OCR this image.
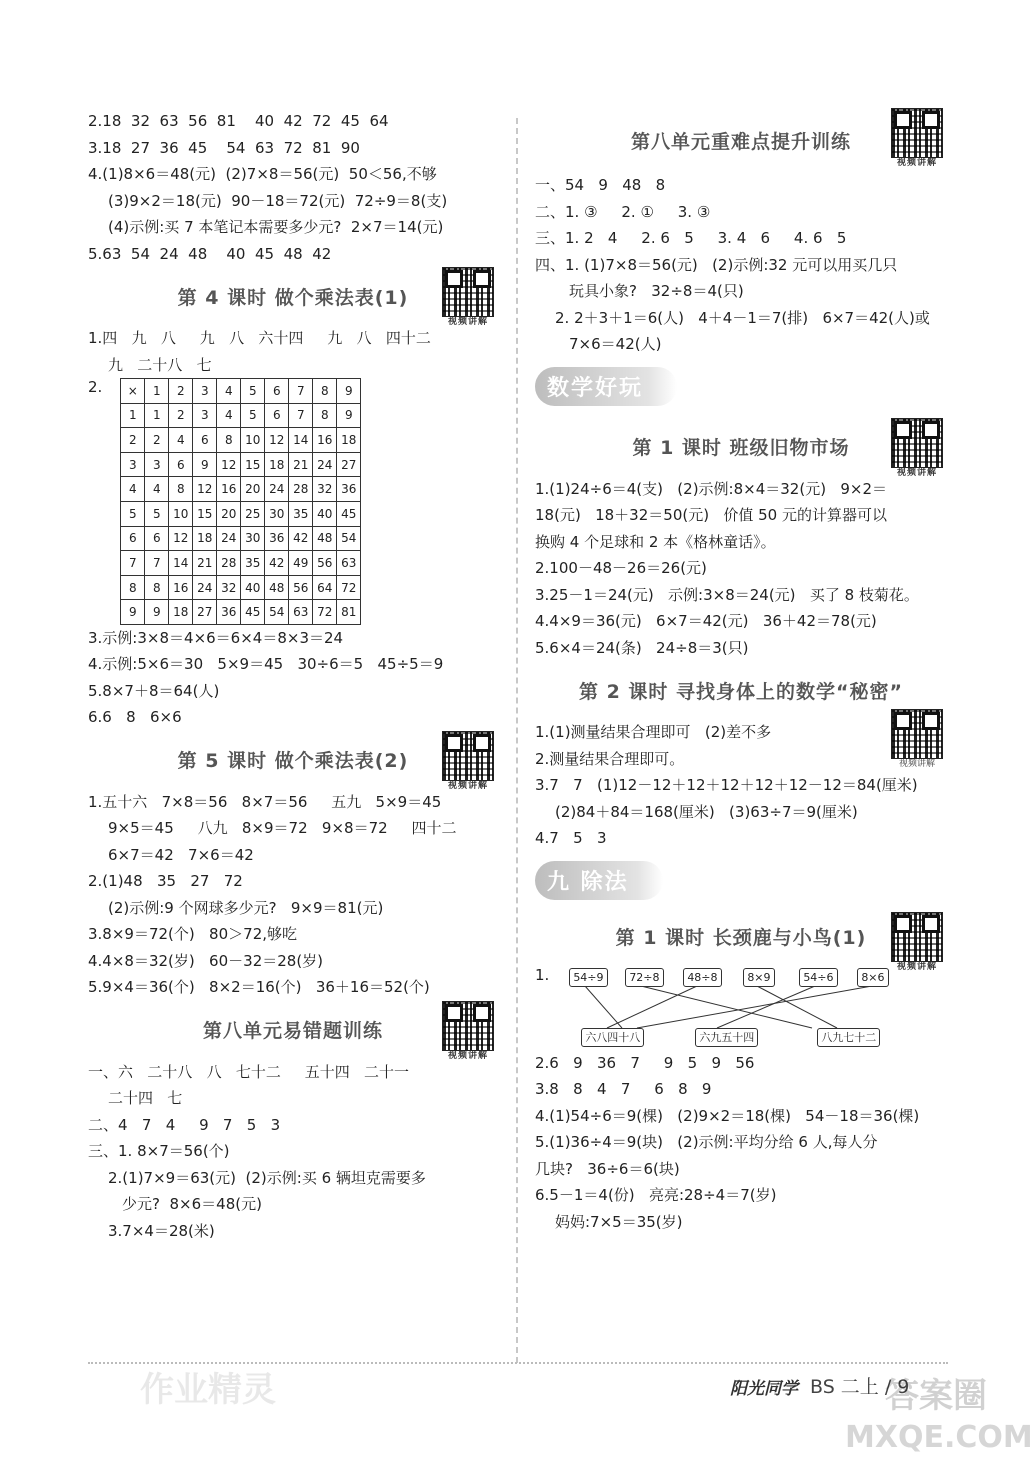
2.18  32  63  56  81    40  42  72  45  64
3.18  27  36  45    54  63  72  81  90
4.(1)8×6＝48(元)  (2)7×8＝56(元)  50＜56,不够
(3)9×2＝18(元)  90－18＝72(元)  72÷9＝8(支)
(4)示例:买 7 本笔记本需要多少元?  2×7＝14(元)
5.63  54  24  48    40  45  48  42
第 4 课时 做个乘法表(1)
视频讲解
1.四   九   八     九   八   六十四     九   八   四十二
九   二十八   七
2. ×	1	2	3	4	5	6	7	8	9
1	1	2	3	4	5	6	7	8	9
2	2	4	6	8	10	12	14	16	18
3	3	6	9	12	15	18	21	24	27
4	4	8	12	16	20	24	28	32	36
5	5	10	15	20	25	30	35	40	45
6	6	12	18	24	30	36	42	48	54
7	7	14	21	28	35	42	49	56	63
8	8	16	24	32	40	48	56	64	72
9	9	18	27	36	45	54	63	72	81
3.示例:3×8＝4×6＝6×4＝8×3＝24
4.示例:5×6＝30   5×9＝45   30÷6＝5   45÷5＝9
5.8×7＋8＝64(人)
6.6   8   6×6
第 5 课时 做个乘法表(2)
视频讲解
1.五十六   7×8＝56   8×7＝56     五九   5×9＝45
9×5＝45     八九   8×9＝72   9×8＝72     四十二
6×7＝42   7×6＝42
2.(1)48   35   27   72
(2)示例:9 个网球多少元?   9×9＝81(元)
3.8×9＝72(个)   80＞72,够吃
4.4×8＝32(岁)   60－32＝28(岁)
5.9×4＝36(个)   8×2＝16(个)   36＋16＝52(个)
第八单元易错题训练
视频讲解
一、六   二十八   八   七十二     五十四   二十一
二十四   七
二、4   7   4     9   7   5   3
三、1. 8×7＝56(个)
2.(1)7×9＝63(元)  (2)示例:买 6 辆坦克需要多
少元?  8×6＝48(元)
3.7×4＝28(米)
第八单元重难点提升训练
视频讲解
一、54   9   48   8
二、1. ③     2. ①     3. ③
三、1. 2   4     2. 6   5     3. 4   6     4. 6   5
四、1. (1)7×8＝56(元)   (2)示例:32 元可以用买几只
玩具小象?   32÷8＝4(只)
2. 2＋3＋1＝6(人)   4＋4－1＝7(排)   6×7＝42(人)或
7×6＝42(人)
数学好玩
第 1 课时 班级旧物市场
视频讲解
1.(1)24÷6＝4(支)   (2)示例:8×4＝32(元)   9×2＝
18(元)   18＋32＝50(元)   价值 50 元的计算器可以
换购 4 个足球和 2 本《格林童话》。
2.100－48－26＝26(元)
3.25－1＝24(元)   示例:3×8＝24(元)   买了 8 枝菊花。
4.4×9＝36(元)   6×7＝42(元)   36＋42＝78(元)
5.6×4＝24(条)   24÷8＝3(只)
第 2 课时 寻找身体上的数学“秘密”
视频讲解
1.(1)测量结果合理即可   (2)差不多
2.测量结果合理即可。
3.7   7   (1)12－12＋12＋12＋12＋12－12＝84(厘米)
(2)84＋84＝168(厘米)   (3)63÷7＝9(厘米)
4.7   5   3
九 除法
第 1 课时 长颈鹿与小鸟(1)
视频讲解
1.	54÷9	72÷8	48÷8	8×9	54÷6	8×6
六八四十八	六九五十四	八九七十二
2.6   9   36   7     9   5   9   56
3.8   8   4   7     6   8   9
4.(1)54÷6＝9(棵)   (2)9×2＝18(棵)   54－18＝36(棵)
5.(1)36÷4＝9(块)   (2)示例:平均分给 6 人,每人分
几块?   36÷6＝6(块)
6.5－1＝4(份)   亮亮:28÷4＝7(岁)
妈妈:7×5＝35(岁)
阳光同学 BS 二上 / 9
作业精灵	答案圈
MXQE.COM
